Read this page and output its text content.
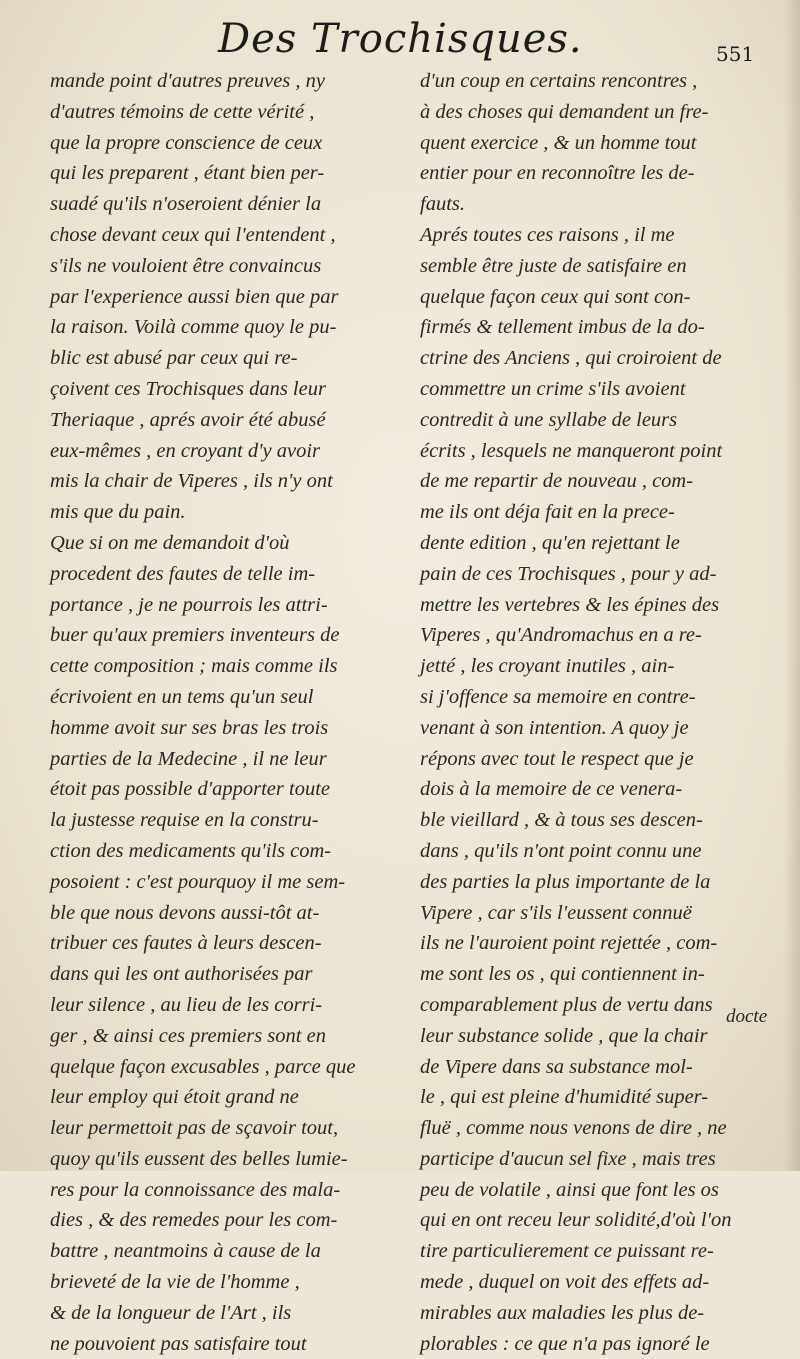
Des Trochisques.	551
mande point d'autres preuves , ny
d'autres témoins de cette vérité ,
que la propre conscience de ceux
qui les preparent , étant bien per-
suadé qu'ils n'oseroient dénier la
chose devant ceux qui l'entendent ,
s'ils ne vouloient être convaincus
par l'experience aussi bien que par
la raison. Voilà comme quoy le pu-
blic est abusé par ceux qui re-
çoivent ces Trochisques dans leur
Theriaque , aprés avoir été abusé
eux-mêmes , en croyant d'y avoir
mis la chair de Viperes , ils n'y ont
mis que du pain.
Que si on me demandoit d'où
procedent des fautes de telle im-
portance , je ne pourrois les attri-
buer qu'aux premiers inventeurs de
cette composition ; mais comme ils
écrivoient en un tems qu'un seul
homme avoit sur ses bras les trois
parties de la Medecine , il ne leur
étoit pas possible d'apporter toute
la justesse requise en la constru-
ction des medicaments qu'ils com-
posoient : c'est pourquoy il me sem-
ble que nous devons aussi-tôt at-
tribuer ces fautes à leurs descen-
dans qui les ont authorisées par
leur silence , au lieu de les corri-
ger , & ainsi ces premiers sont en
quelque façon excusables , parce que
leur employ qui étoit grand ne
leur permettoit pas de sçavoir tout,
quoy qu'ils eussent des belles lumie-
res pour la connoissance des mala-
dies , & des remedes pour les com-
battre , neantmoins à cause de la
brieveté de la vie de l'homme ,
& de la longueur de l'Art , ils
ne pouvoient pas satisfaire tout
d'un coup en certains rencontres ,
à des choses qui demandent un fre-
quent exercice , & un homme tout
entier pour en reconnoître les de-
fauts.
Aprés toutes ces raisons , il me
semble être juste de satisfaire en
quelque façon ceux qui sont con-
firmés & tellement imbus de la do-
ctrine des Anciens , qui croiroient de
commettre un crime s'ils avoient
contredit à une syllabe de leurs
écrits , lesquels ne manqueront point
de me repartir de nouveau , com-
me ils ont déja fait en la prece-
dente edition , qu'en rejettant le
pain de ces Trochisques , pour y ad-
mettre les vertebres & les épines des
Viperes , qu'Andromachus en a re-
jetté , les croyant inutiles , ain-
si j'offence sa memoire en contre-
venant à son intention. A quoy je
répons avec tout le respect que je
dois à la memoire de ce venera-
ble vieillard , & à tous ses descen-
dans , qu'ils n'ont point connu une
des parties la plus importante de la
Vipere , car s'ils l'eussent connuë
ils ne l'auroient point rejettée , com-
me sont les os , qui contiennent in-
comparablement plus de vertu dans
leur substance solide , que la chair
de Vipere dans sa substance mol-
le , qui est pleine d'humidité super-
fluë , comme nous venons de dire , ne
participe d'aucun sel fixe , mais tres
peu de volatile , ainsi que font les os
qui en ont receu leur solidité,d'où l'on
tire particulierement ce puissant re-
mede , duquel on voit des effets ad-
mirables aux maladies les plus de-
plorables : ce que n'a pas ignoré le
docte
